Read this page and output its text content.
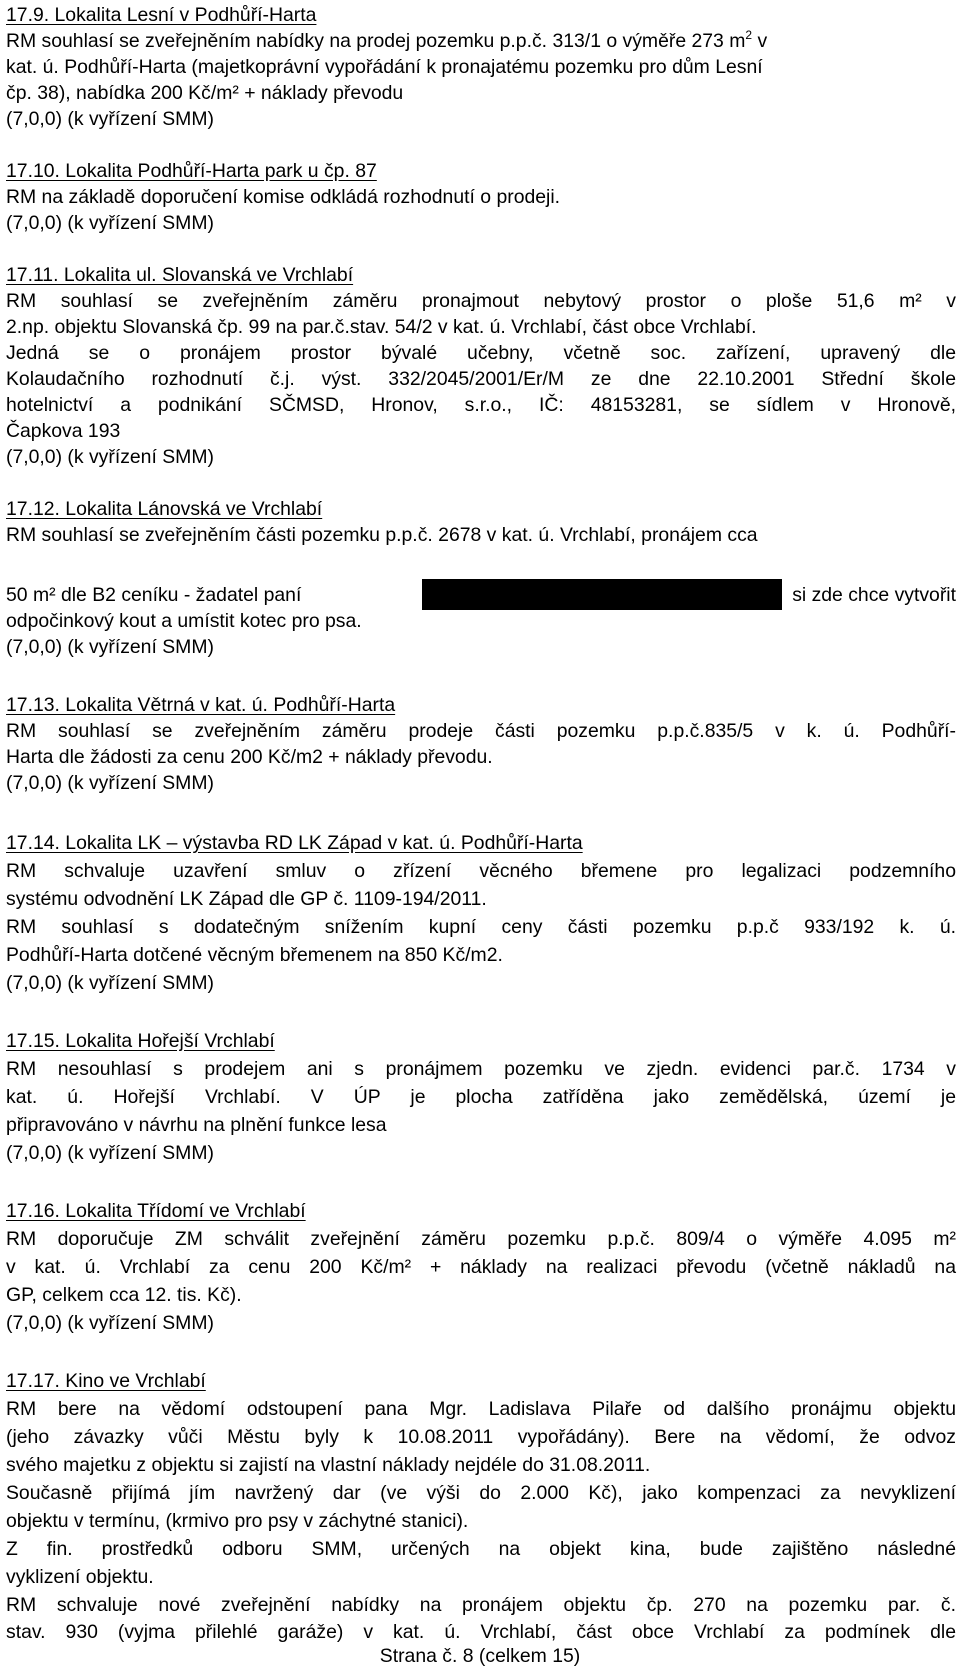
17.9. Lokalita Lesní v Podhůří-Harta
RM souhlasí se zveřejněním nabídky na prodej pozemku p.p.č. 313/1 o výměře 273 $m^2$ v
kat. ú. Podhůří-Harta (majetkoprávní vypořádání k pronajatému pozemku pro dům Lesní
čp. 38), nabídka 200 Kč/m² + náklady převodu
(7,0,0) (k vyřízení SMM)
17.10. Lokalita Podhůří-Harta park u čp. 87
RM na základě doporučení komise odkládá rozhodnutí o prodeji.
(7,0,0) (k vyřízení SMM)
17.11. Lokalita ul. Slovanská ve Vrchlabí
RM souhlasí se zveřejněním záměru pronajmout nebytový prostor o ploše 51,6 m² v
2.np. objektu Slovanská čp. 99 na par.č.stav. 54/2 v kat. ú. Vrchlabí, část obce Vrchlabí.
Jedná se o pronájem prostor bývalé učebny, včetně soc. zařízení, upravený dle
Kolaudačního rozhodnutí č.j. výst. 332/2045/2001/Er/M ze dne 22.10.2001 Střední škole
hotelnictví a podnikání SČMSD, Hronov, s.r.o., IČ: 48153281, se sídlem v Hronově,
Čapkova 193
(7,0,0) (k vyřízení SMM)
17.12. Lokalita Lánovská ve Vrchlabí
RM souhlasí se zveřejněním části pozemku p.p.č. 2678 v kat. ú. Vrchlabí, pronájem cca
50 m² dle B2 ceníku - žadatel paní	si zde chce vytvořit
odpočinkový kout a umístit kotec pro psa.
(7,0,0) (k vyřízení SMM)
17.13. Lokalita Větrná v kat. ú. Podhůří-Harta
RM souhlasí se zveřejněním záměru prodeje části pozemku p.p.č.835/5 v k. ú. Podhůří-
Harta dle žádosti za cenu 200 Kč/m2 + náklady převodu.
(7,0,0) (k vyřízení SMM)
17.14. Lokalita LK – výstavba RD LK Západ v kat. ú. Podhůří-Harta
RM schvaluje uzavření smluv o zřízení věcného břemene pro legalizaci podzemního
systému odvodnění LK Západ dle GP č. 1109-194/2011.
RM souhlasí s dodatečným snížením kupní ceny části pozemku p.p.č 933/192 k. ú.
Podhůří-Harta dotčené věcným břemenem na 850 Kč/m2.
(7,0,0) (k vyřízení SMM)
17.15. Lokalita Hořejší Vrchlabí
RM nesouhlasí s prodejem ani s pronájmem pozemku ve zjedn. evidenci par.č. 1734 v
kat. ú. Hořejší Vrchlabí. V ÚP je plocha zatříděna jako zemědělská, území je
připravováno v návrhu na plnění funkce lesa
(7,0,0) (k vyřízení SMM)
17.16. Lokalita Třídomí ve Vrchlabí
RM doporučuje ZM schválit zveřejnění záměru pozemku p.p.č. 809/4 o výměře 4.095 m²
v kat. ú. Vrchlabí za cenu 200 Kč/m² + náklady na realizaci převodu (včetně nákladů na
GP, celkem cca 12. tis. Kč).
(7,0,0) (k vyřízení SMM)
17.17. Kino ve Vrchlabí
RM bere na vědomí odstoupení pana Mgr. Ladislava Pilaře od dalšího pronájmu objektu
(jeho závazky vůči Městu byly k 10.08.2011 vypořádány). Bere na vědomí, že odvoz
svého majetku z objektu si zajistí na vlastní náklady nejdéle do 31.08.2011.
Současně přijímá jím navržený dar (ve výši do 2.000 Kč), jako kompenzaci za nevyklizení
objektu v termínu, (krmivo pro psy v záchytné stanici).
Z fin. prostředků odboru SMM, určených na objekt kina, bude zajištěno následné
vyklizení objektu.
RM schvaluje nové zveřejnění nabídky na pronájem objektu čp. 270 na pozemku par. č.
stav. 930 (vyjma přilehlé garáže) v kat. ú. Vrchlabí, část obce Vrchlabí za podmínek dle
Strana č. 8 (celkem 15)
